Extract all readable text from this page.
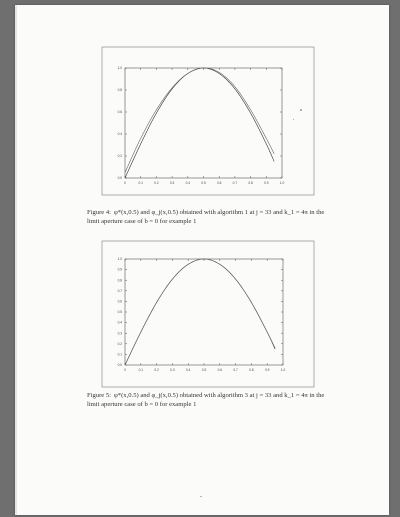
0	0.1	0.2	0.3	0.4	0.5	0.6	0.7	0.8	0.9	1.0
0.0
0.2
0.4
0.6
0.8
1.0
0	0.1	0.2	0.3	0.4	0.5	0.6	0.7	0.8	0.9	1.0
0.0
0.1
0.2
0.3
0.4
0.5
0.6
0.7
0.8
0.9
1.0
Figure 4: φ*(x,0.5) and φ_j(x,0.5) obtained with algorithm 1 at j = 33 and k_1 = 4π in the limit aperture case of b = 0 for example 1
Figure 5: φ*(x,0.5) and φ_j(x,0.5) obtained with algorithm 3 at j = 33 and k_1 = 4π in the limit aperture case of b = 0 for example 1
